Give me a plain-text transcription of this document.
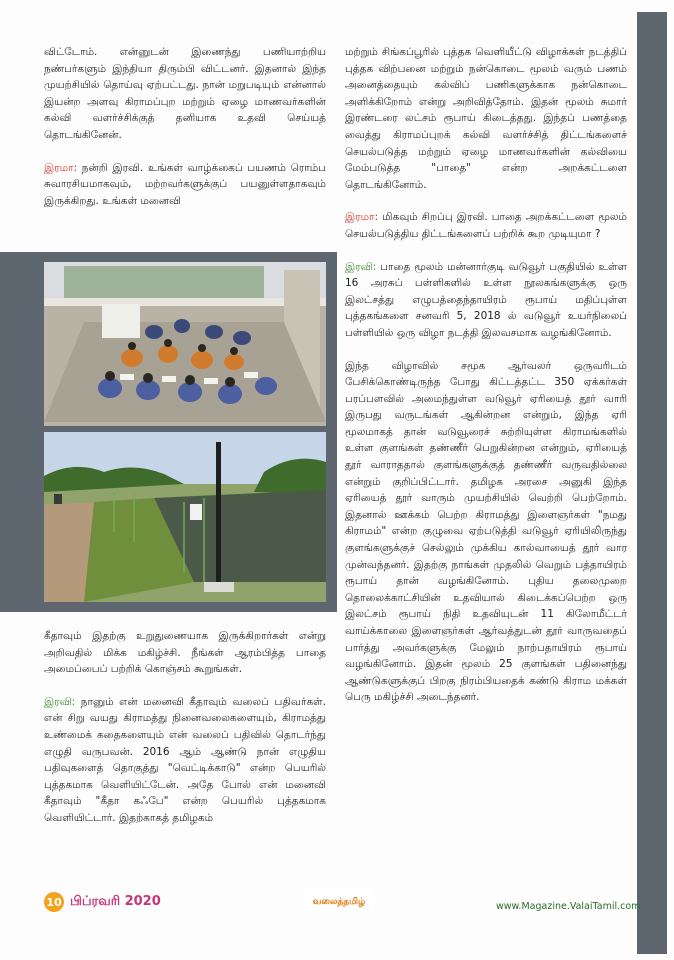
விட்டோம். என்னுடன் இணைந்து பணியாற்றிய நண்பர்களும் இந்தியா திரும்பி விட்டனர். இதனால் இந்த முயற்சியில் தொய்வு ஏற்பட்டது. நான் மறுபடியும் என்னால் இயன்ற அளவு கிராமப்புற மற்றும் ஏழை மாணவர்களின் கல்வி வளர்ச்சிக்குத் தனியாக உதவி செய்யத் தொடங்கினேன்.

இரமா: நன்றி இரவி. உங்கள் வாழ்க்கைப் பயணம் ரொம்ப சுவாரசியமாகவும், மற்றவர்களுக்குப் பயனுள்ளதாகவும் இருக்கிறது. உங்கள் மனைவி

கீதாவும் இதற்கு உறுதுணையாக இருக்கிறார்கள் என்று அறிவதில் மிக்க மகிழ்ச்சி. நீங்கள் ஆரம்பித்த பாதை அமைப்பைப் பற்றிக் கொஞ்சம் கூறுங்கள்.

இரவி: நானும் என் மனைவி கீதாவும் வலைப் பதிவர்கள். என் சிறு வயது கிராமத்து நினைவலைகளையும், கிராமத்து உண்மைக் கதைகளையும் என் வலைப் பதிவில் தொடர்ந்து எழுதி வருபவன். 2016 ஆம் ஆண்டு நான் எழுதிய பதிவுகளைத் தொகுத்து "வெட்டிக்காடு" என்ற பெயரில் புத்தகமாக வெளியிட்டேன். அதே போல் என் மனைவி கீதாவும் "கீதா கஃபே" என்ற பெயரில் புத்தகமாக வெளியிட்டார். இதற்காகத் தமிழகம்

மற்றும் சிங்கப்பூரில் புத்தக வெளியீட்டு விழாக்கள் நடத்திப் புத்தக விற்பனை மற்றும் நன்கொடை மூலம் வரும் பணம் அனைத்தையும் கல்விப் பணிகளுக்காக நன்கொடை அளிக்கிறோம் என்று அறிவித்தோம். இதன் மூலம் சுமார் இரண்டரை லட்சம் ரூபாய் கிடைத்தது. இந்தப் பணத்தை வைத்து கிராமப்புறக் கல்வி வளர்ச்சித் திட்டங்களைச் செயல்படுத்த மற்றும் ஏழை மாணவர்களின் கல்வியை மேம்படுத்த "பாதை" என்ற அறக்கட்டளை தொடங்கினோம்.

இரமா: மிகவும் சிறப்பு இரவி. பாதை அறக்கட்டளை மூலம் செயல்படுத்திய திட்டங்களைப் பற்றிக் கூற முடியுமா ?

இரவி: பாதை மூலம் மன்னார்குடி வடுவூர் பகுதியில் உள்ள 16 அரசுப் பள்ளிகளில் உள்ள நூலகங்களுக்கு ஒரு இலட்சத்து எழுபத்தைந்தாயிரம் ரூபாய் மதிப்புள்ள புத்தகங்களை சனவரி 5, 2018 ல் வடுவூர் உயர்நிலைப் பள்ளியில் ஒரு விழா நடத்தி இலவசமாக வழங்கினோம்.

இந்த விழாவில் சமூக ஆர்வலர் ஒருவரிடம் பேசிக்கொண்டிருந்த போது கிட்டத்தட்ட 350 ஏக்கர்கள் பரப்பளவில் அமைந்துள்ள வடுவூர் ஏரியைத் தூர் வாரி இருபது வருடங்கள் ஆகின்றன என்றும், இந்த ஏரி மூலமாகத் தான் வடுவூரைச் சுற்றியுள்ள கிராமங்களில் உள்ள குளங்கள் தண்ணீர் பெறுகின்றன என்றும், ஏரியைத் தூர் வாராததால் குளங்களுக்குத் தண்ணீர் வருவதில்லை என்றும் குறிப்பிட்டார். தமிழக அரசை அனுகி இந்த ஏரியைத் தூர் வாரும் முயற்சியில் வெற்றி பெற்றோம். இதனால் ஊக்கம் பெற்ற கிராமத்து இளைஞர்கள் "நமது கிராமம்" என்ற குழுவை ஏற்படுத்தி வடுவூர் ஏரியிலிருந்து குளங்களுக்குச் செல்லும் முக்கிய கால்வாயைத் தூர் வார முன்வந்தனர். இதற்கு நாங்கள் முதலில் வெறும் பத்தாயிரம் ரூபாய் தான் வழங்கினோம். புதிய தலைமுறை தொலைக்காட்சியின் உதவியால் கிடைக்கப்பெற்ற ஒரு இலட்சம் ரூபாய் நிதி உதவியுடன் 11 கிலோமீட்டர் வாய்க்காலை இளைஞர்கள் ஆர்வத்துடன் தூர் வாருவதைப் பார்த்து அவர்களுக்கு மேலும் நாற்பதாயிரம் ரூபாய் வழங்கினோம். இதன் மூலம் 25 குளங்கள் பதினைந்து ஆண்டுகளுக்குப் பிறகு நிரம்பியதைக் கண்டு கிராம மக்கள் பெரு மகிழ்ச்சி அடைந்தனர்.

10 பிப்ரவரி 2020	வலைத்தமிழ்	www.Magazine.ValaiTamil.com
